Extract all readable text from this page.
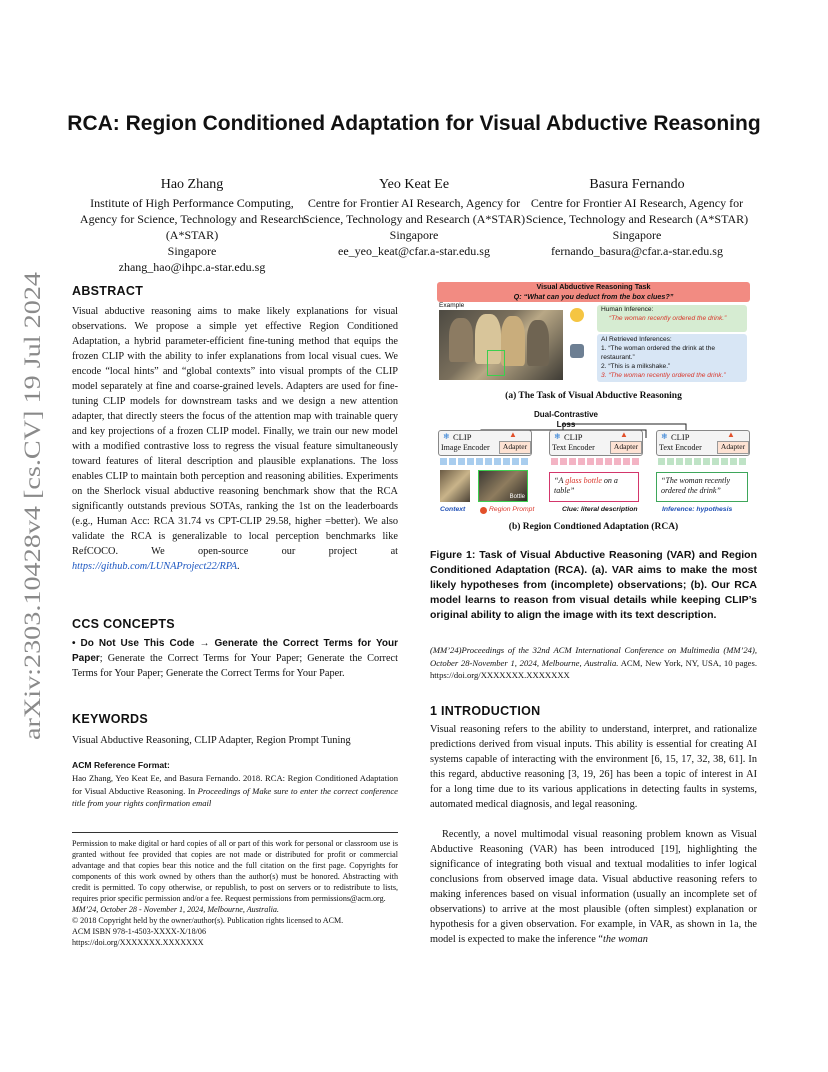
RCA: Region Conditioned Adaptation for Visual Abductive Reasoning
Hao Zhang
Institute of High Performance Computing, Agency for Science, Technology and Research (A*STAR)
Singapore
zhang_hao@ihpc.a-star.edu.sg
Yeo Keat Ee
Centre for Frontier AI Research, Agency for Science, Technology and Research (A*STAR)
Singapore
ee_yeo_keat@cfar.a-star.edu.sg
Basura Fernando
Centre for Frontier AI Research, Agency for Science, Technology and Research (A*STAR)
Singapore
fernando_basura@cfar.a-star.edu.sg
arXiv:2303.10428v4 [cs.CV] 19 Jul 2024
ABSTRACT
Visual abductive reasoning aims to make likely explanations for visual observations. We propose a simple yet effective Region Conditioned Adaptation, a hybrid parameter-efficient fine-tuning method that equips the frozen CLIP with the ability to infer explanations from local visual cues. We encode “local hints” and “global contexts” into visual prompts of the CLIP model separately at fine and coarse-grained levels. Adapters are used for fine-tuning CLIP models for downstream tasks and we design a new attention adapter, that directly steers the focus of the attention map with trainable query and key projections of a frozen CLIP model. Finally, we train our new model with a modified contrastive loss to regress the visual feature simultaneously toward features of literal description and plausible explanations. The loss enables CLIP to maintain both perception and reasoning abilities. Experiments on the Sherlock visual abductive reasoning benchmark show that the RCA significantly outstands previous SOTAs, ranking the 1st on the leaderboards (e.g., Human Acc: RCA 31.74 vs CPT-CLIP 29.58, higher =better). We also validate the RCA is generalizable to local perception benchmarks like RefCOCO. We open-source our project at https://github.com/LUNAProject22/RPA.
CCS CONCEPTS
• Do Not Use This Code → Generate the Correct Terms for Your Paper; Generate the Correct Terms for Your Paper; Generate the Correct Terms for Your Paper; Generate the Correct Terms for Your Paper.
KEYWORDS
Visual Abductive Reasoning, CLIP Adapter, Region Prompt Tuning
ACM Reference Format:
Hao Zhang, Yeo Keat Ee, and Basura Fernando. 2018. RCA: Region Conditioned Adaptation for Visual Abductive Reasoning. In Proceedings of Make sure to enter the correct conference title from your rights confirmation email
Permission to make digital or hard copies of all or part of this work for personal or classroom use is granted without fee provided that copies are not made or distributed for profit or commercial advantage and that copies bear this notice and the full citation on the first page. Copyrights for components of this work owned by others than the author(s) must be honored. Abstracting with credit is permitted. To copy otherwise, or republish, to post on servers or to redistribute to lists, requires prior specific permission and/or a fee. Request permissions from permissions@acm.org.
MM’24, October 28 - November 1, 2024, Melbourne, Australia.
© 2018 Copyright held by the owner/author(s). Publication rights licensed to ACM.
ACM ISBN 978-1-4503-XXXX-X/18/06
https://doi.org/XXXXXXX.XXXXXXX
Visual Abductive Reasoning Task
Q: “What can you deduct from the box clues?”
Example
Human Inference:
“The woman recently ordered the drink.”
AI Retrieved Inferences:
1. “The woman ordered the drink at the restaurant.”
2. “This is a milkshake.”
3. “The woman recently ordered the drink.”
(a) The Task of Visual Abductive Reasoning
Dual-Contrastive Loss
❄ CLIP
Image Encoder	Adapter
▲	❄ CLIP
Text Encoder	Adapter
▲	❄ CLIP
Text Encoder	Adapter
▲
Bottle
“A glass bottle on a table”
“The woman recently ordered the drink”
Context	Region Prompt	Clue: literal description	Inference: hypothesis
(b) Region Condtioned Adaptation (RCA)
Figure 1: Task of Visual Abductive Reasoning (VAR) and Region Conditioned Adaptation (RCA). (a). VAR aims to make the most likely hypotheses from (incomplete) observations; (b). Our RCA model learns to reason from visual details while keeping CLIP’s original ability to align the image with its text description.
(MM’24)Proceedings of the 32nd ACM International Conference on Multimedia (MM’24), October 28-November 1, 2024, Melbourne, Australia. ACM, New York, NY, USA, 10 pages. https://doi.org/XXXXXXX.XXXXXXX
1 INTRODUCTION
Visual reasoning refers to the ability to understand, interpret, and rationalize predictions derived from visual inputs. This ability is essential for creating AI systems capable of interacting with the environment [6, 15, 17, 32, 38, 61]. In this regard, abductive reasoning [3, 19, 26] has been a topic of interest in AI for a long time due to its various applications in detecting faults in systems, automated medical diagnosis, and legal reasoning.
Recently, a novel multimodal visual reasoning problem known as Visual Abductive Reasoning (VAR) has been introduced [19], highlighting the significance of integrating both visual and textual modalities to infer logical conclusions from observed image data. Visual abductive reasoning refers to making inferences based on visual information (usually an incomplete set of observations) to arrive at the most plausible (often simplest) explanation or hypothesis for a given observation. For example, in VAR, as shown in 1a, the model is expected to make the inference “the woman
